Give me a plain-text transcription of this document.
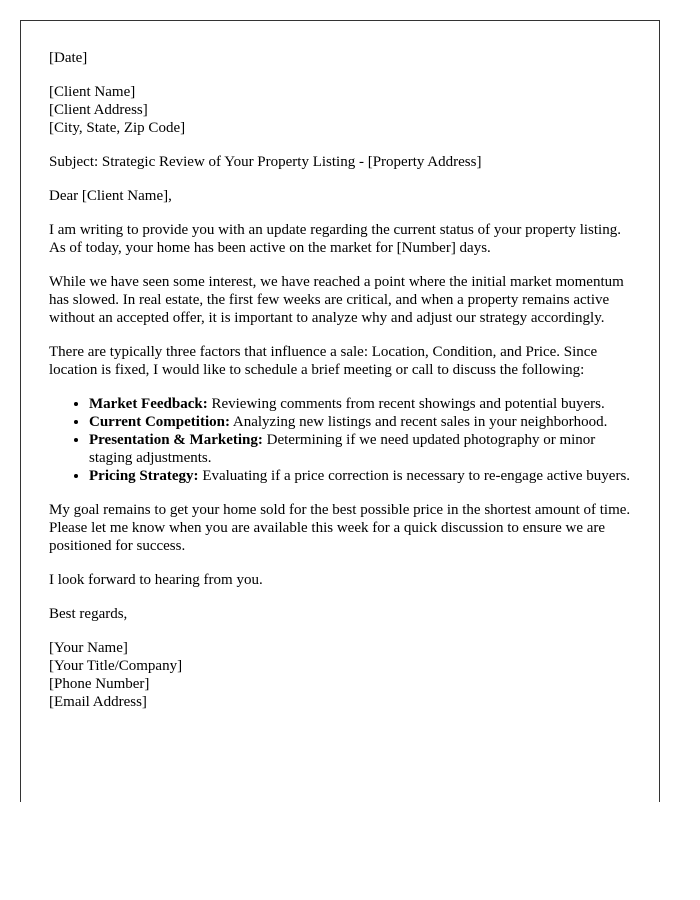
[Date]

[Client Name]
[Client Address]
[City, State, Zip Code]

Subject: Strategic Review of Your Property Listing - [Property Address]

Dear [Client Name],

I am writing to provide you with an update regarding the current status of your property listing. As of today, your home has been active on the market for [Number] days.

While we have seen some interest, we have reached a point where the initial market momentum has slowed. In real estate, the first few weeks are critical, and when a property remains active without an accepted offer, it is important to analyze why and adjust our strategy accordingly.

There are typically three factors that influence a sale: Location, Condition, and Price. Since location is fixed, I would like to schedule a brief meeting or call to discuss the following:

• Market Feedback: Reviewing comments from recent showings and potential buyers.
• Current Competition: Analyzing new listings and recent sales in your neighborhood.
• Presentation & Marketing: Determining if we need updated photography or minor staging adjustments.
• Pricing Strategy: Evaluating if a price correction is necessary to re-engage active buyers.

My goal remains to get your home sold for the best possible price in the shortest amount of time. Please let me know when you are available this week for a quick discussion to ensure we are positioned for success.

I look forward to hearing from you.

Best regards,

[Your Name]
[Your Title/Company]
[Phone Number]
[Email Address]
